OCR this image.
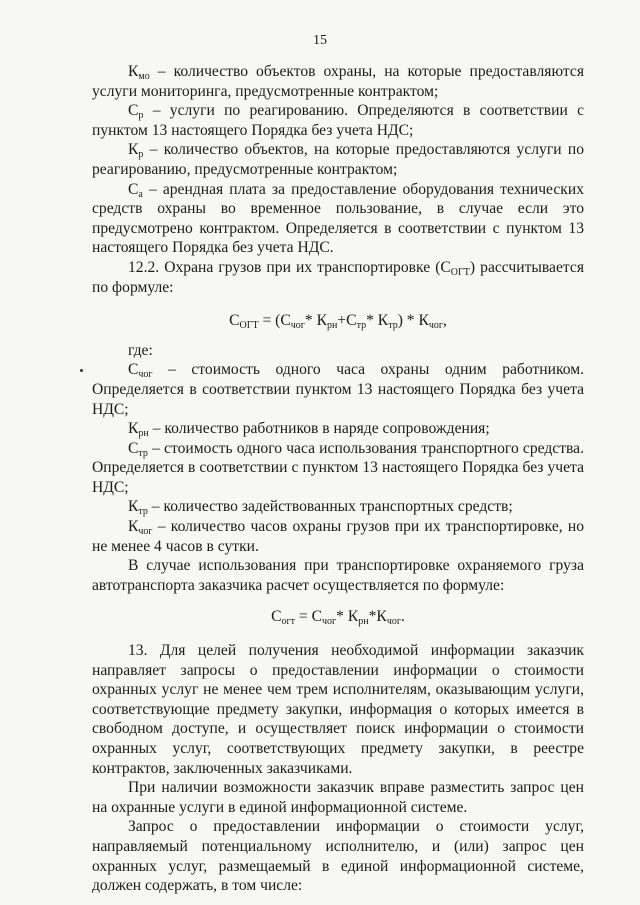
15

$К_{мо}$ – количество объектов охраны, на которые предоставляются услуги мониторинга, предусмотренные контрактом;

$С_р$ – услуги по реагированию. Определяются в соответствии с пунктом 13 настоящего Порядка без учета НДС;

$К_р$ – количество объектов, на которые предоставляются услуги по реагированию, предусмотренные контрактом;

$С_а$ – арендная плата за предоставление оборудования технических средств охраны во временное пользование, в случае если это предусмотрено контрактом. Определяется в соответствии с пунктом 13 настоящего Порядка без учета НДС.

12.2. Охрана грузов при их транспортировке $(С_{ОГТ})$ рассчитывается по формуле:

$С_{ОГТ} = (С_{чог}*$ $К_{рн}+С_{тр}*$ $К_{тр}) * К_{чог}$,

где:

$С_{чог}$ – стоимость одного часа охраны одним работником. Определяется в соответствии пунктом 13 настоящего Порядка без учета НДС;

$К_{рн}$ – количество работников в наряде сопровождения;

$С_{тр}$ – стоимость одного часа использования транспортного средства. Определяется в соответствии с пунктом 13 настоящего Порядка без учета НДС;

$К_{тр}$ – количество задействованных транспортных средств;

$К_{чог}$ – количество часов охраны грузов при их транспортировке, но не менее 4 часов в сутки.

В случае использования при транспортировке охраняемого груза автотранспорта заказчика расчет осуществляется по формуле:

$С_{огт} = С_{чог}*$ $К_{рн}*К_{чог}$.

13. Для целей получения необходимой информации заказчик направляет запросы о предоставлении информации о стоимости охранных услуг не менее чем трем исполнителям, оказывающим услуги, соответствующие предмету закупки, информация о которых имеется в свободном доступе, и осуществляет поиск информации о стоимости охранных услуг, соответствующих предмету закупки, в реестре контрактов, заключенных заказчиками.

При наличии возможности заказчик вправе разместить запрос цен на охранные услуги в единой информационной системе.

Запрос о предоставлении информации о стоимости услуг, направляемый потенциальному исполнителю, и (или) запрос цен охранных услуг, размещаемый в единой информационной системе, должен содержать, в том числе:
